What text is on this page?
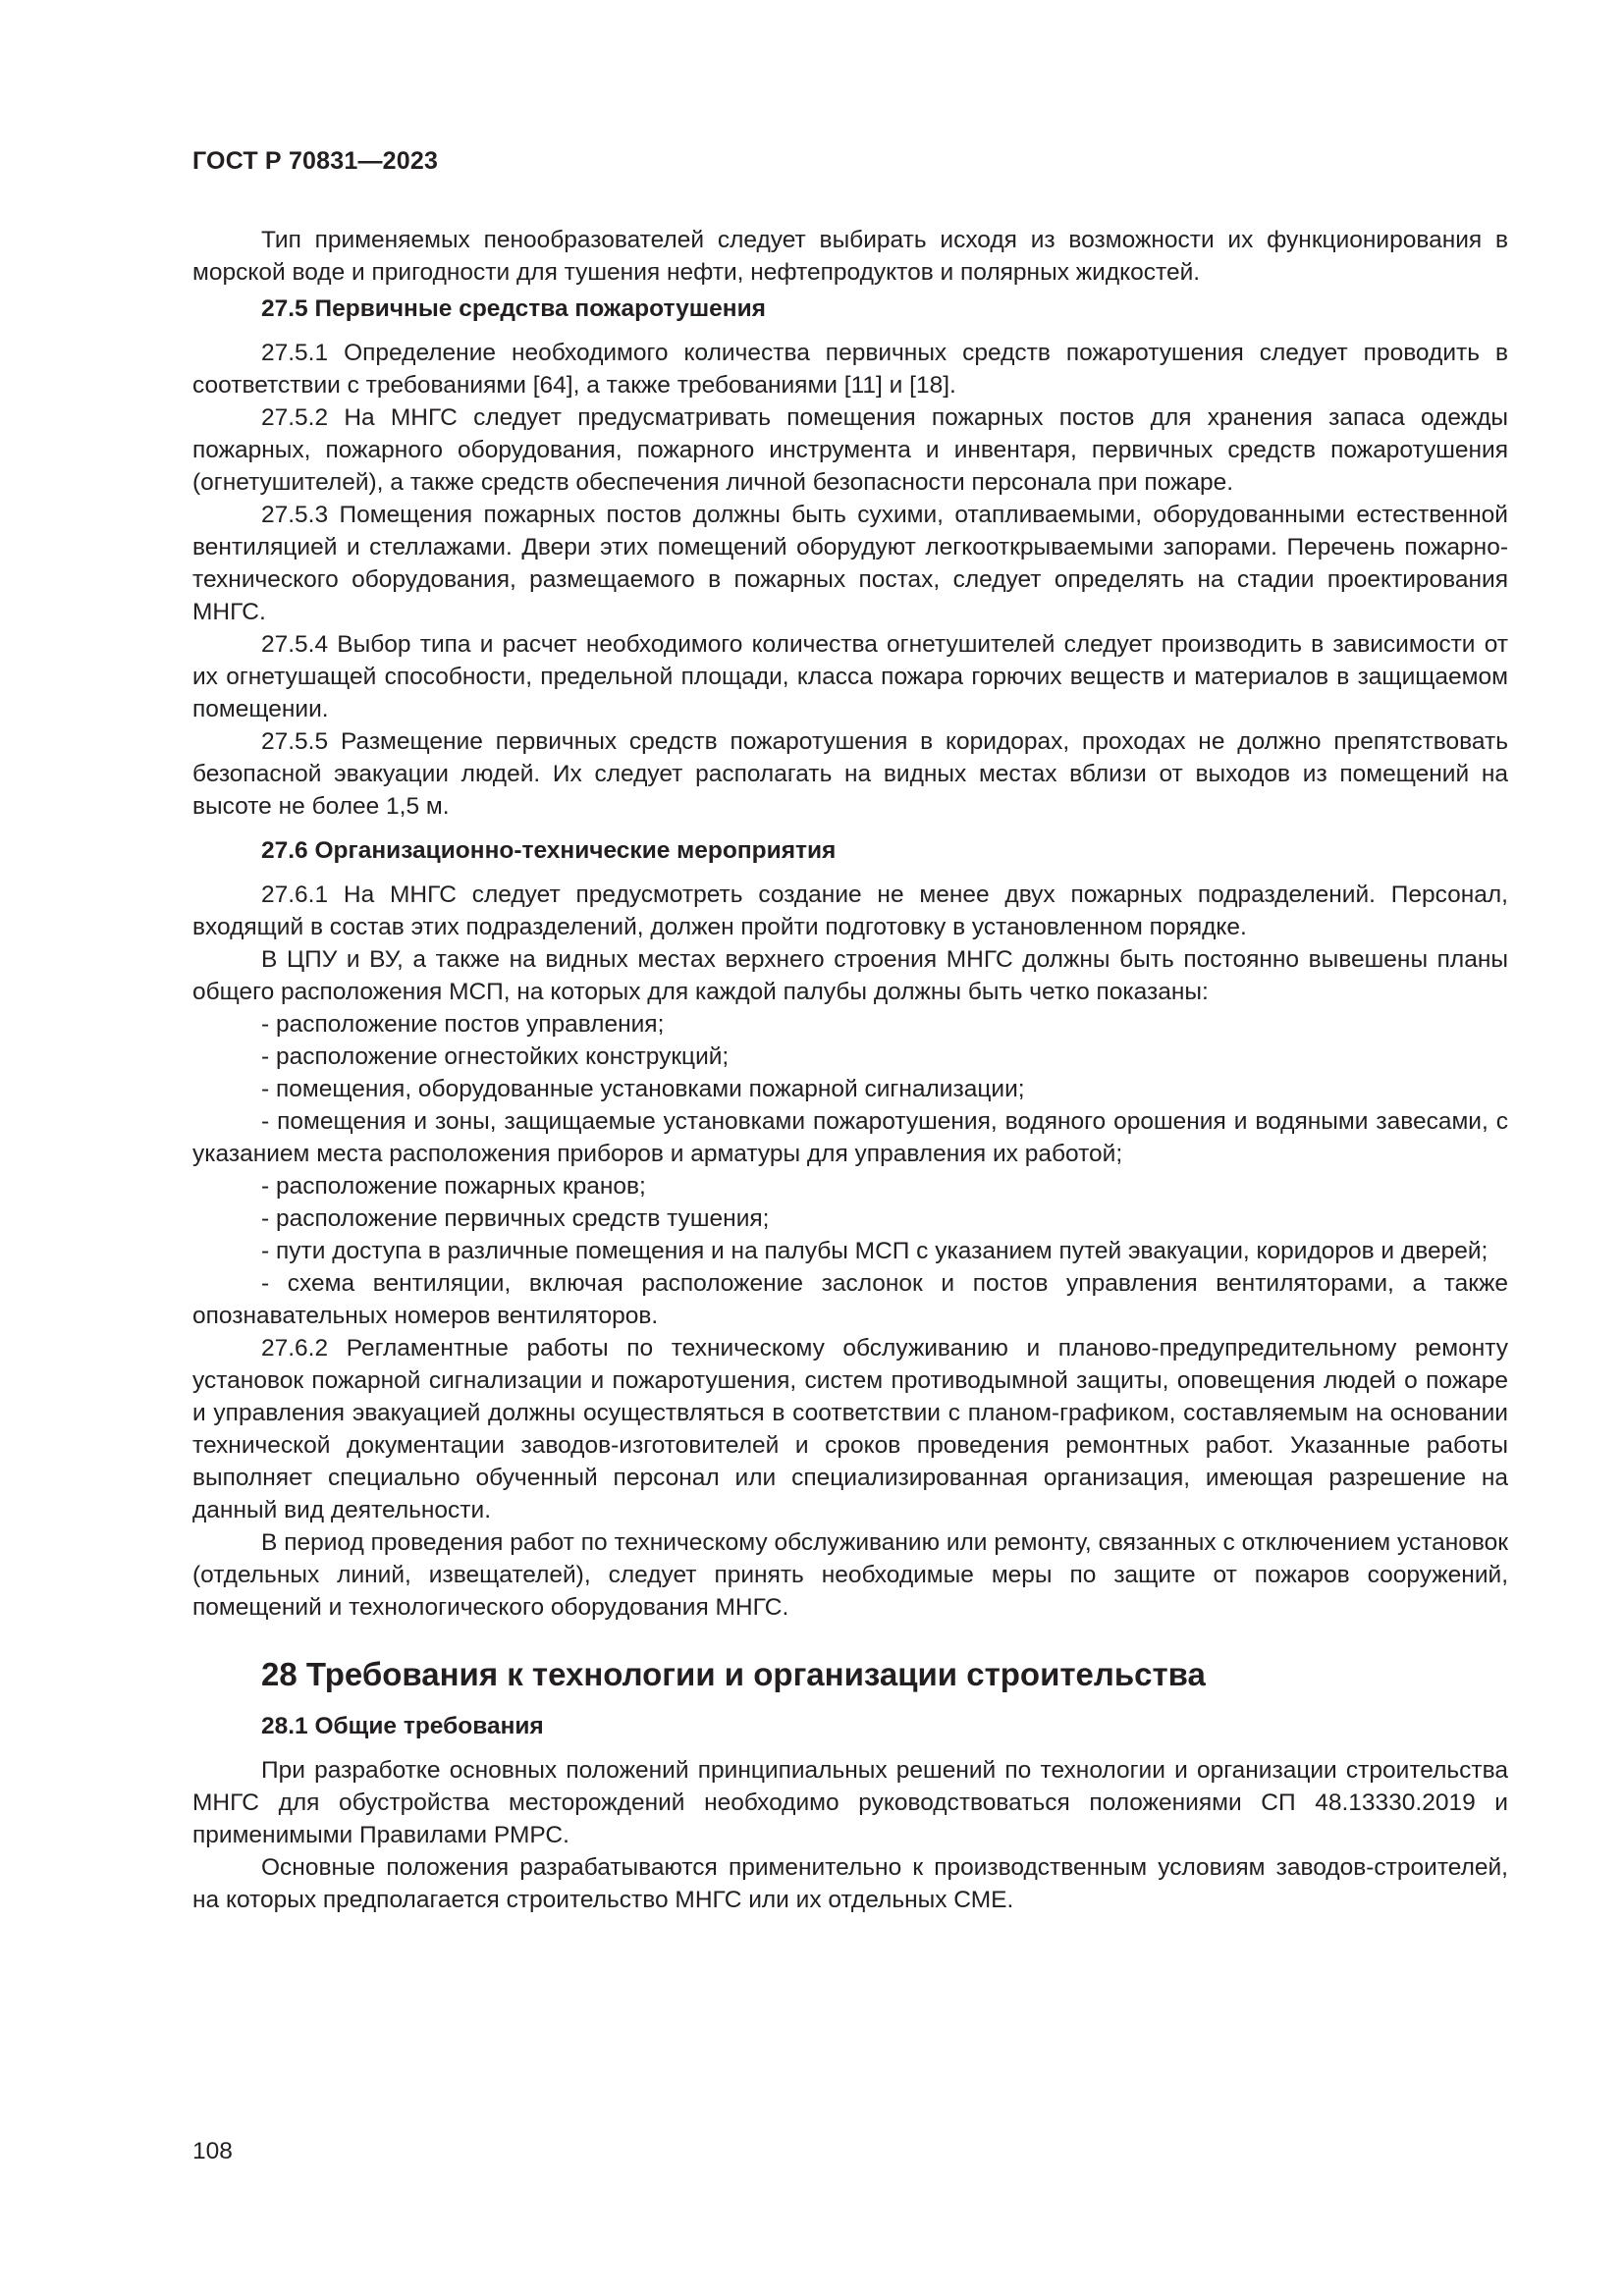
ГОСТ Р 70831—2023

Тип применяемых пенообразователей следует выбирать исходя из возможности их функционирования в морской воде и пригодности для тушения нефти, нефтепродуктов и полярных жидкостей.

27.5 Первичные средства пожаротушения

27.5.1 Определение необходимого количества первичных средств пожаротушения следует проводить в соответствии с требованиями [64], а также требованиями [11] и [18].

27.5.2 На МНГС следует предусматривать помещения пожарных постов для хранения запаса одежды пожарных, пожарного оборудования, пожарного инструмента и инвентаря, первичных средств пожаротушения (огнетушителей), а также средств обеспечения личной безопасности персонала при пожаре.

27.5.3 Помещения пожарных постов должны быть сухими, отапливаемыми, оборудованными естественной вентиляцией и стеллажами. Двери этих помещений оборудуют легкооткрываемыми запорами. Перечень пожарно-технического оборудования, размещаемого в пожарных постах, следует определять на стадии проектирования МНГС.

27.5.4 Выбор типа и расчет необходимого количества огнетушителей следует производить в зависимости от их огнетушащей способности, предельной площади, класса пожара горючих веществ и материалов в защищаемом помещении.

27.5.5 Размещение первичных средств пожаротушения в коридорах, проходах не должно препятствовать безопасной эвакуации людей. Их следует располагать на видных местах вблизи от выходов из помещений на высоте не более 1,5 м.

27.6 Организационно-технические мероприятия

27.6.1 На МНГС следует предусмотреть создание не менее двух пожарных подразделений. Персонал, входящий в состав этих подразделений, должен пройти подготовку в установленном порядке.

В ЦПУ и ВУ, а также на видных местах верхнего строения МНГС должны быть постоянно вывешены планы общего расположения МСП, на которых для каждой палубы должны быть четко показаны:

- расположение постов управления;

- расположение огнестойких конструкций;

- помещения, оборудованные установками пожарной сигнализации;

- помещения и зоны, защищаемые установками пожаротушения, водяного орошения и водяными завесами, с указанием места расположения приборов и арматуры для управления их работой;

- расположение пожарных кранов;

- расположение первичных средств тушения;

- пути доступа в различные помещения и на палубы МСП с указанием путей эвакуации, коридоров и дверей;

- схема вентиляции, включая расположение заслонок и постов управления вентиляторами, а также опознавательных номеров вентиляторов.

27.6.2 Регламентные работы по техническому обслуживанию и планово-предупредительному ремонту установок пожарной сигнализации и пожаротушения, систем противодымной защиты, оповещения людей о пожаре и управления эвакуацией должны осуществляться в соответствии с планом-графиком, составляемым на основании технической документации заводов-изготовителей и сроков проведения ремонтных работ. Указанные работы выполняет специально обученный персонал или специализированная организация, имеющая разрешение на данный вид деятельности.

В период проведения работ по техническому обслуживанию или ремонту, связанных с отключением установок (отдельных линий, извещателей), следует принять необходимые меры по защите от пожаров сооружений, помещений и технологического оборудования МНГС.

28 Требования к технологии и организации строительства

28.1 Общие требования

При разработке основных положений принципиальных решений по технологии и организации строительства МНГС для обустройства месторождений необходимо руководствоваться положениями СП 48.13330.2019 и применимыми Правилами РМРС.

Основные положения разрабатываются применительно к производственным условиям заводов-строителей, на которых предполагается строительство МНГС или их отдельных СМЕ.

108
